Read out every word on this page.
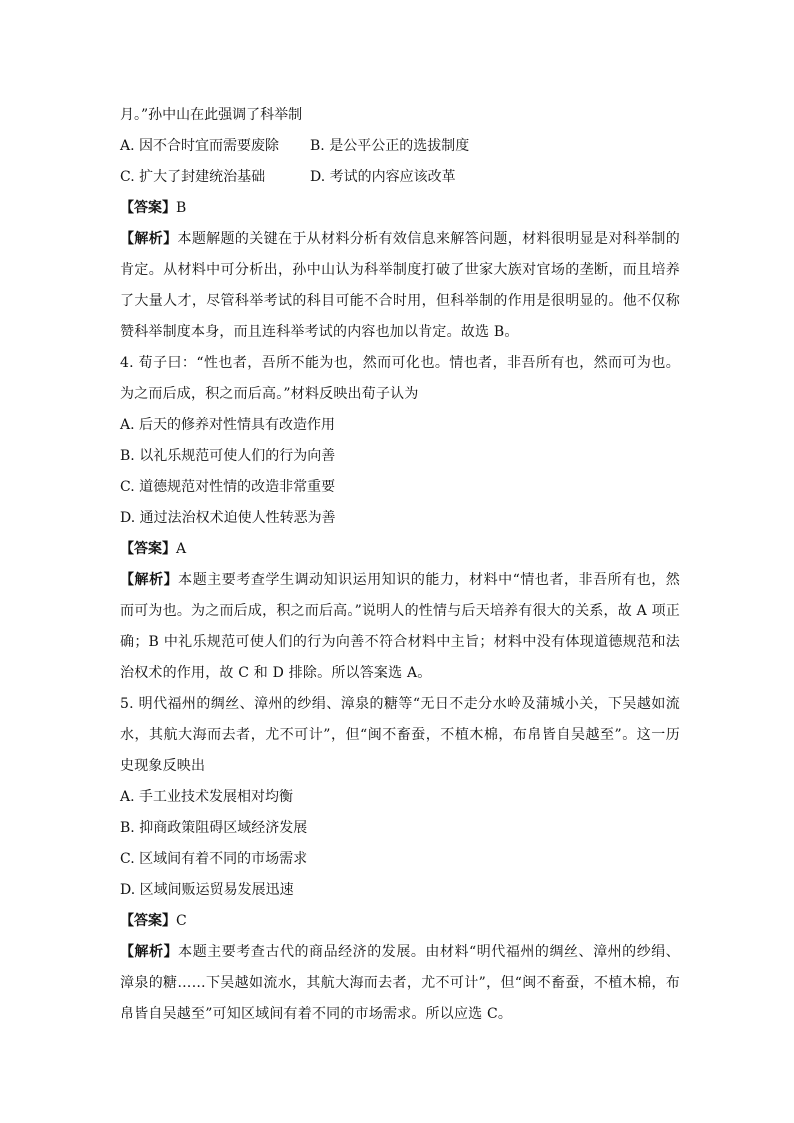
月。”孙中山在此强调了科举制

A. 因不合时宜而需要废除	B. 是公平公正的选拔制度
C. 扩大了封建统治基础	D. 考试的内容应该改革

【答案】B

【解析】本题解题的关键在于从材料分析有效信息来解答问题，材料很明显是对科举制的肯定。从材料中可分析出，孙中山认为科举制度打破了世家大族对官场的垄断，而且培养了大量人才，尽管科举考试的科目可能不合时用，但科举制的作用是很明显的。他不仅称赞科举制度本身，而且连科举考试的内容也加以肯定。故选 B。

4. 荀子曰：“性也者，吾所不能为也，然而可化也。情也者，非吾所有也，然而可为也。为之而后成，积之而后高。”材料反映出荀子认为

A. 后天的修养对性情具有改造作用

B. 以礼乐规范可使人们的行为向善

C. 道德规范对性情的改造非常重要

D. 通过法治权术迫使人性转恶为善

【答案】A

【解析】本题主要考查学生调动知识运用知识的能力，材料中“情也者，非吾所有也，然而可为也。为之而后成，积之而后高。”说明人的性情与后天培养有很大的关系，故 A 项正确；B 中礼乐规范可使人们的行为向善不符合材料中主旨；材料中没有体现道德规范和法治权术的作用，故 C 和 D 排除。所以答案选 A。

5. 明代福州的绸丝、漳州的纱绢、漳泉的糖等“无日不走分水岭及蒲城小关，下吴越如流水，其航大海而去者，尤不可计”，但“闽不畜蚕，不植木棉，布帛皆自吴越至”。这一历史现象反映出

A. 手工业技术发展相对均衡

B. 抑商政策阻碍区域经济发展

C. 区域间有着不同的市场需求

D. 区域间贩运贸易发展迅速

【答案】C

【解析】本题主要考查古代的商品经济的发展。由材料“明代福州的绸丝、漳州的纱绢、漳泉的糖……下吴越如流水，其航大海而去者，尤不可计”，但“闽不畜蚕，不植木棉，布帛皆自吴越至”可知区域间有着不同的市场需求。所以应选 C。
